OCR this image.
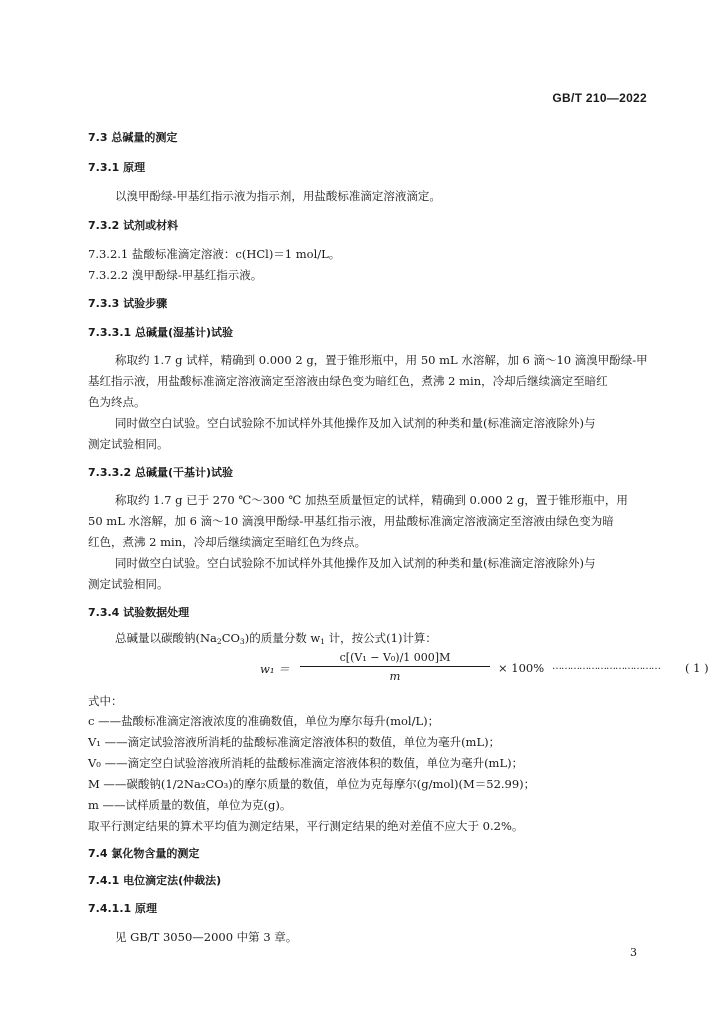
GB/T 210—2022
7.3 总碱量的测定
7.3.1 原理
以溴甲酚绿-甲基红指示液为指示剂，用盐酸标准滴定溶液滴定。
7.3.2 试剂或材料
7.3.2.1 盐酸标准滴定溶液：c(HCl)＝1 mol/L。
7.3.2.2 溴甲酚绿-甲基红指示液。
7.3.3 试验步骤
7.3.3.1 总碱量(湿基计)试验
称取约 1.7 g 试样，精确到 0.000 2 g，置于锥形瓶中，用 50 mL 水溶解，加 6 滴～10 滴溴甲酚绿-甲
基红指示液，用盐酸标准滴定溶液滴定至溶液由绿色变为暗红色，煮沸 2 min，冷却后继续滴定至暗红
色为终点。
同时做空白试验。空白试验除不加试样外其他操作及加入试剂的种类和量(标准滴定溶液除外)与
测定试验相同。
7.3.3.2 总碱量(干基计)试验
称取约 1.7 g 已于 270 ℃～300 ℃ 加热至质量恒定的试样，精确到 0.000 2 g，置于锥形瓶中，用
50 mL 水溶解，加 6 滴～10 滴溴甲酚绿-甲基红指示液，用盐酸标准滴定溶液滴定至溶液由绿色变为暗
红色，煮沸 2 min，冷却后继续滴定至暗红色为终点。
同时做空白试验。空白试验除不加试样外其他操作及加入试剂的种类和量(标准滴定溶液除外)与
测定试验相同。
7.3.4 试验数据处理
总碱量以碳酸钠$(Na_2CO_3)$的质量分数 $w_1$ 计，按公式(1)计算：
w₁ ＝
c[(V₁ − V₀)/1 000]M
m
× 100% ……………………………… ( 1 )
式中：
c ——盐酸标准滴定溶液浓度的准确数值，单位为摩尔每升(mol/L)；
V₁ ——滴定试验溶液所消耗的盐酸标准滴定溶液体积的数值，单位为毫升(mL)；
V₀ ——滴定空白试验溶液所消耗的盐酸标准滴定溶液体积的数值，单位为毫升(mL)；
M ——碳酸钠(1/2Na₂CO₃)的摩尔质量的数值，单位为克每摩尔(g/mol)(M＝52.99)；
m ——试样质量的数值，单位为克(g)。
取平行测定结果的算术平均值为测定结果，平行测定结果的绝对差值不应大于 0.2%。
7.4 氯化物含量的测定
7.4.1 电位滴定法(仲裁法)
7.4.1.1 原理
见 GB/T 3050—2000 中第 3 章。
3
